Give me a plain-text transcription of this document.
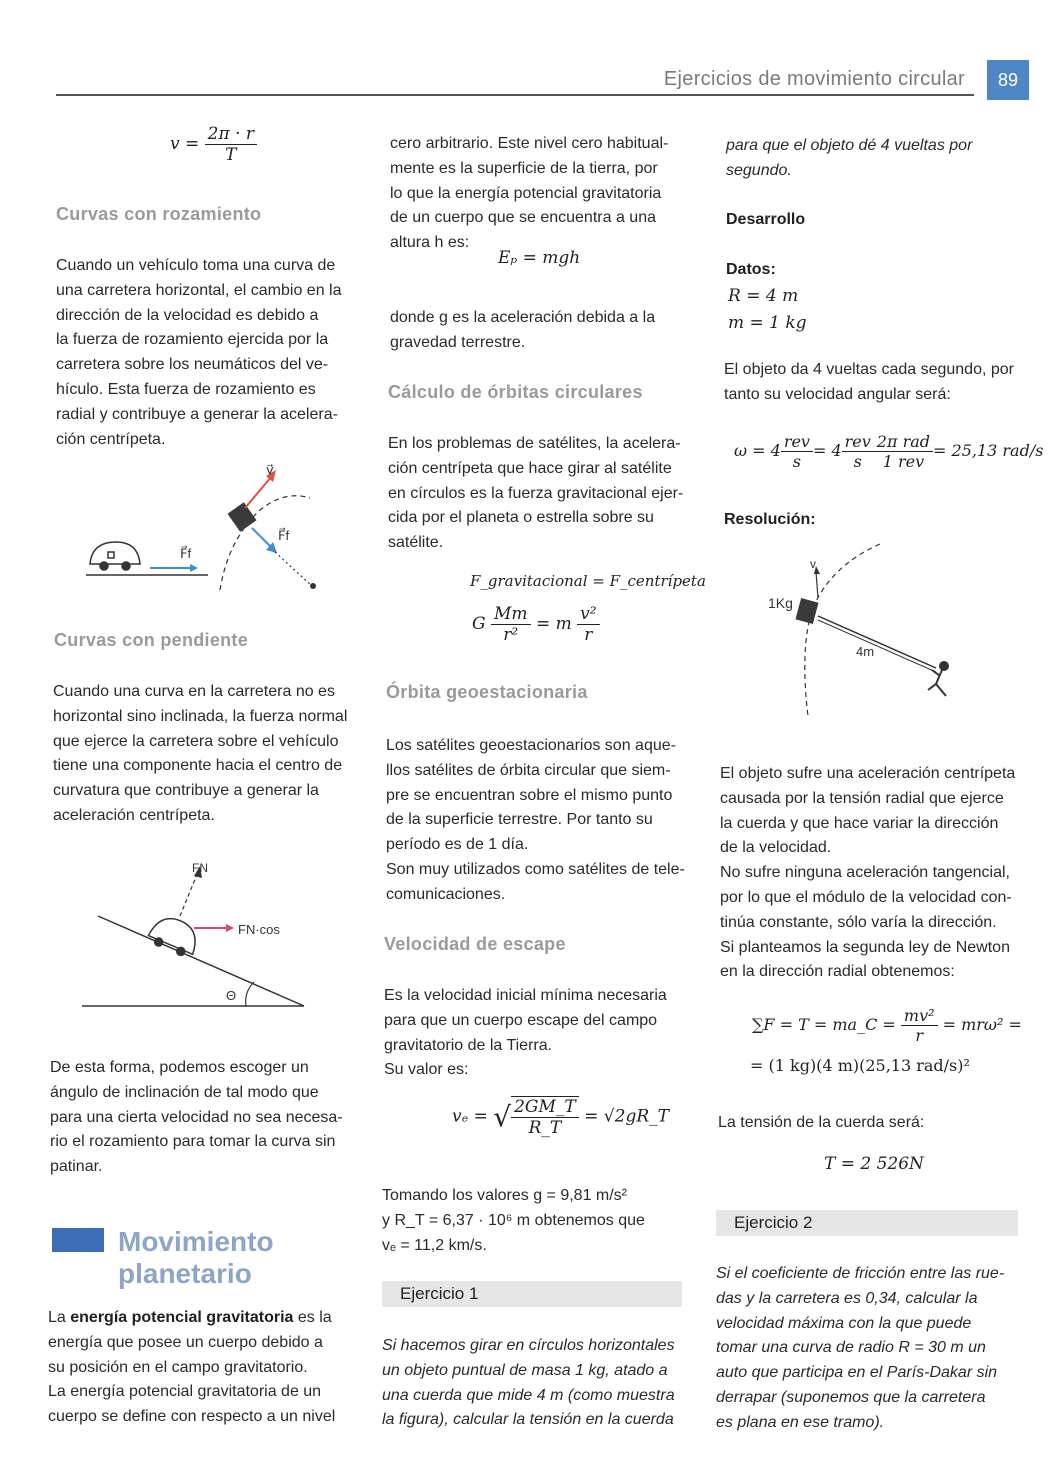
Ejercicios de movimiento circular	89
$v = \frac{2\pi \cdot r}{T}$
Curvas con rozamiento

Cuando un vehículo toma una curva de

una carretera horizontal, el cambio en la

dirección de la velocidad es debido a

la fuerza de rozamiento ejercida por la

carretera sobre los neumáticos del ve-

hículo. Esta fuerza de rozamiento es

radial y contribuye a generar la acelera-

ción centrípeta.

F⃗f
v⃗
F⃗f
Curvas con pendiente

Cuando una curva en la carretera no es

horizontal sino inclinada, la fuerza normal

que ejerce la carretera sobre el vehículo

tiene una componente hacia el centro de

curvatura que contribuye a generar la

aceleración centrípeta.

Θ
FN
FN·cos

De esta forma, podemos escoger un

ángulo de inclinación de tal modo que

para una cierta velocidad no sea necesa-

rio el rozamiento para tomar la curva sin

patinar.

Movimiento
planetario

La energía potencial gravitatoria es la

energía que posee un cuerpo debido a

su posición en el campo gravitatorio.

La energía potencial gravitatoria de un

cuerpo se define con respecto a un nivel

cero arbitrario. Este nivel cero habitual-

mente es la superficie de la tierra, por

lo que la energía potencial gravitatoria

de un cuerpo que se encuentra a una

altura h es:

Eₚ = mgh

donde g es la aceleración debida a la

gravedad terrestre.

Cálculo de órbitas circulares

En los problemas de satélites, la acelera-

ción centrípeta que hace girar al satélite

en círculos es la fuerza gravitacional ejer-

cida por el planeta o estrella sobre su

satélite.

F_gravitacional = F_centrípeta
G $\frac{Mm}{\text{r²}} = m \frac{\text{v²}}{r}$
Órbita geoestacionaria

Los satélites geoestacionarios son aque-

llos satélites de órbita circular que siem-

pre se encuentran sobre el mismo punto

de la superficie terrestre. Por tanto su

período es de 1 día.

Son muy utilizados como satélites de tele-

comunicaciones.

Velocidad de escape

Es la velocidad inicial mínima necesaria

para que un cuerpo escape del campo

gravitatorio de la Tierra.

Su valor es:

vₑ = √ $\frac{2GM\_T}{R\_T}$ = √2gR_T

Tomando los valores g = 9,81 m/s²

y R_T = 6,37 · 10⁶ m obtenemos que

vₑ = 11,2 km/s.

Ejercicio 1

Si hacemos girar en círculos horizontales

un objeto puntual de masa 1 kg, atado a

una cuerda que mide 4 m (como muestra

la figura), calcular la tensión en la cuerda

para que el objeto dé 4 vueltas por

segundo.

Desarrollo
Datos:
R = 4 m
m = 1 kg

El objeto da 4 vueltas cada segundo, por

tanto su velocidad angular será:

$\omega = 4 \frac{\text{rev}}{s} = 4 \frac{\text{rev}}{s} \frac{\text{2π rad}}{\text{1 rev}} = 25,13$ rad/s
Resolución:
v
1Kg
4m

El objeto sufre una aceleración centrípeta

causada por la tensión radial que ejerce

la cuerda y que hace variar la dirección

de la velocidad.

No sufre ninguna aceleración tangencial,

por lo que el módulo de la velocidad con-

tinúa constante, sólo varía la dirección.

Si planteamos la segunda ley de Newton

en la dirección radial obtenemos:

∑F = T = ma_C = $\frac{\text{mv²}}{r} = mr\omega^2$ =
= (1 kg)(4 m)(25,13 rad/s)²
La tensión de la cuerda será:
T = 2 526N
Ejercicio 2

Si el coeficiente de fricción entre las rue-

das y la carretera es 0,34, calcular la

velocidad máxima con la que puede

tomar una curva de radio R = 30 m un

auto que participa en el París-Dakar sin

derrapar (suponemos que la carretera

es plana en ese tramo).
